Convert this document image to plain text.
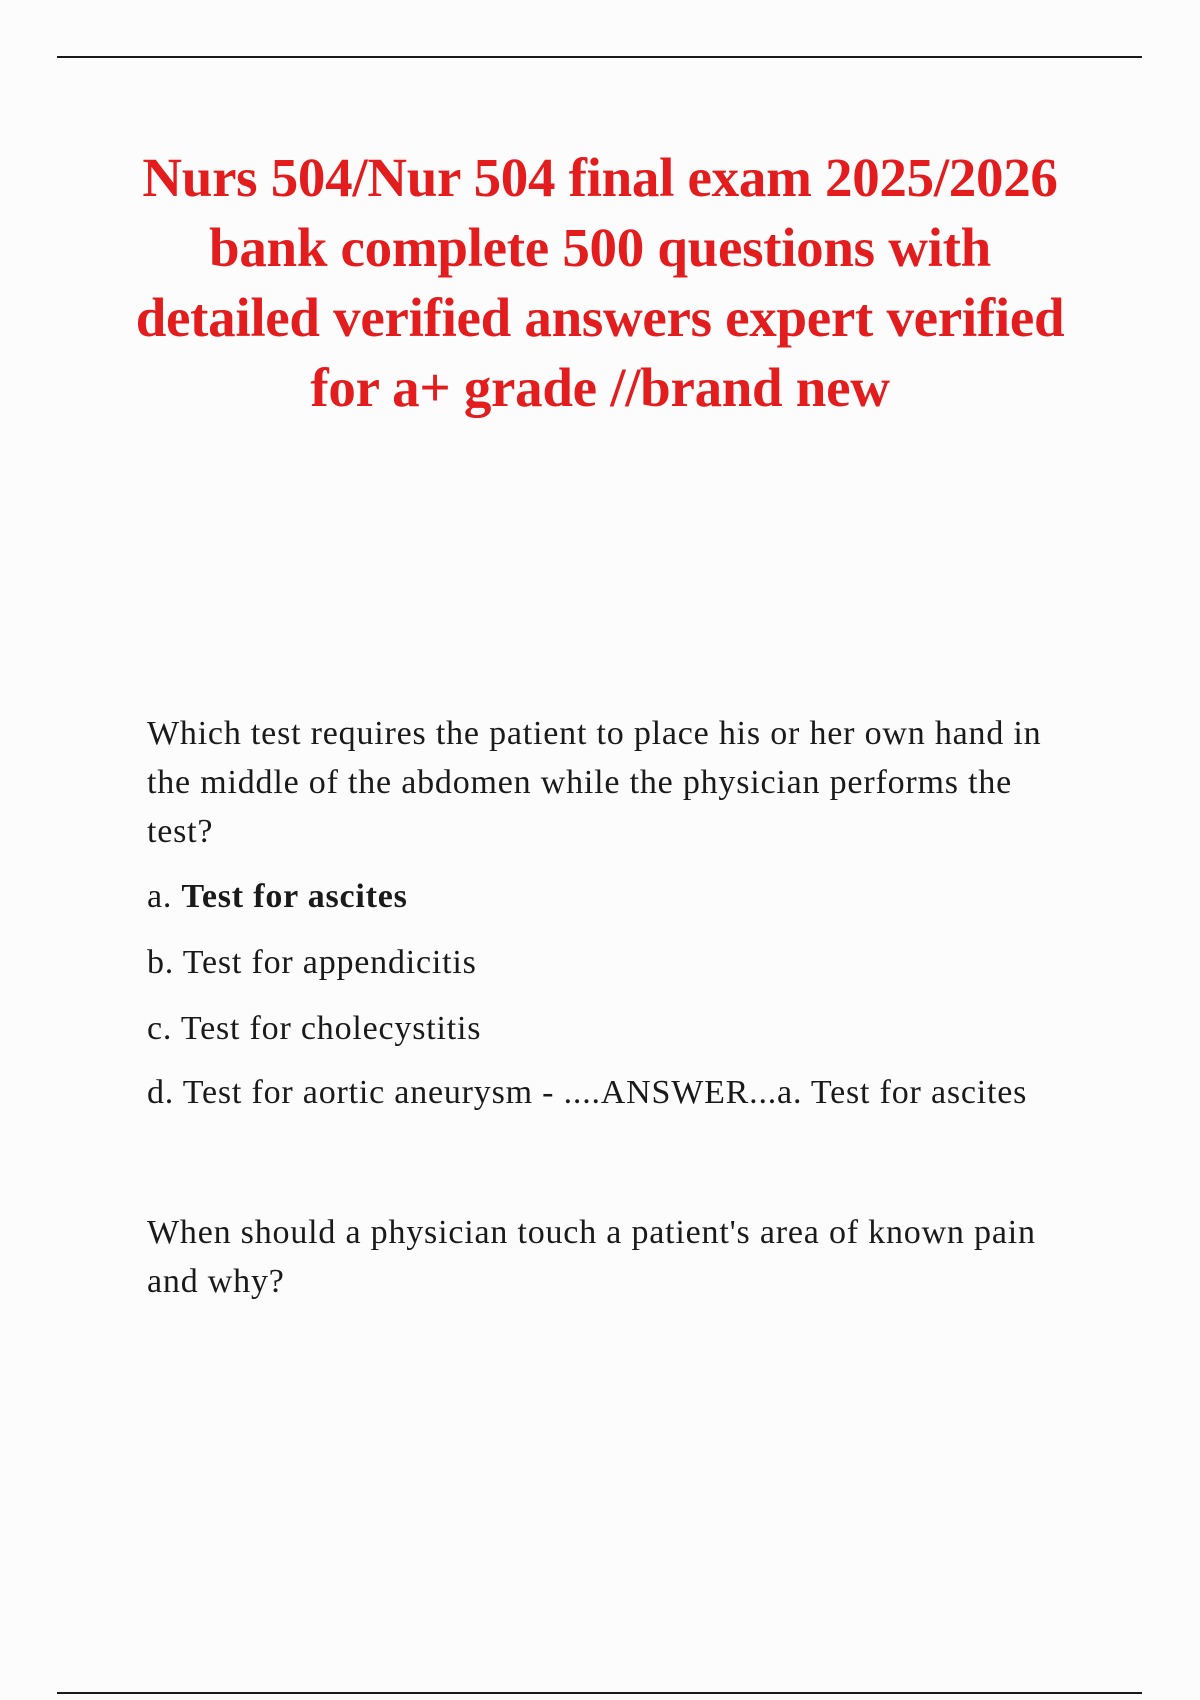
Nurs 504/Nur 504 final exam 2025/2026 bank complete 500 questions with detailed verified answers expert verified for a+ grade //brand new

Which test requires the patient to place his or her own hand in the middle of the abdomen while the physician performs the test?

a. Test for ascites

b. Test for appendicitis

c. Test for cholecystitis

d. Test for aortic aneurysm - ....ANSWER...a. Test for ascites

When should a physician touch a patient's area of known pain and why?
